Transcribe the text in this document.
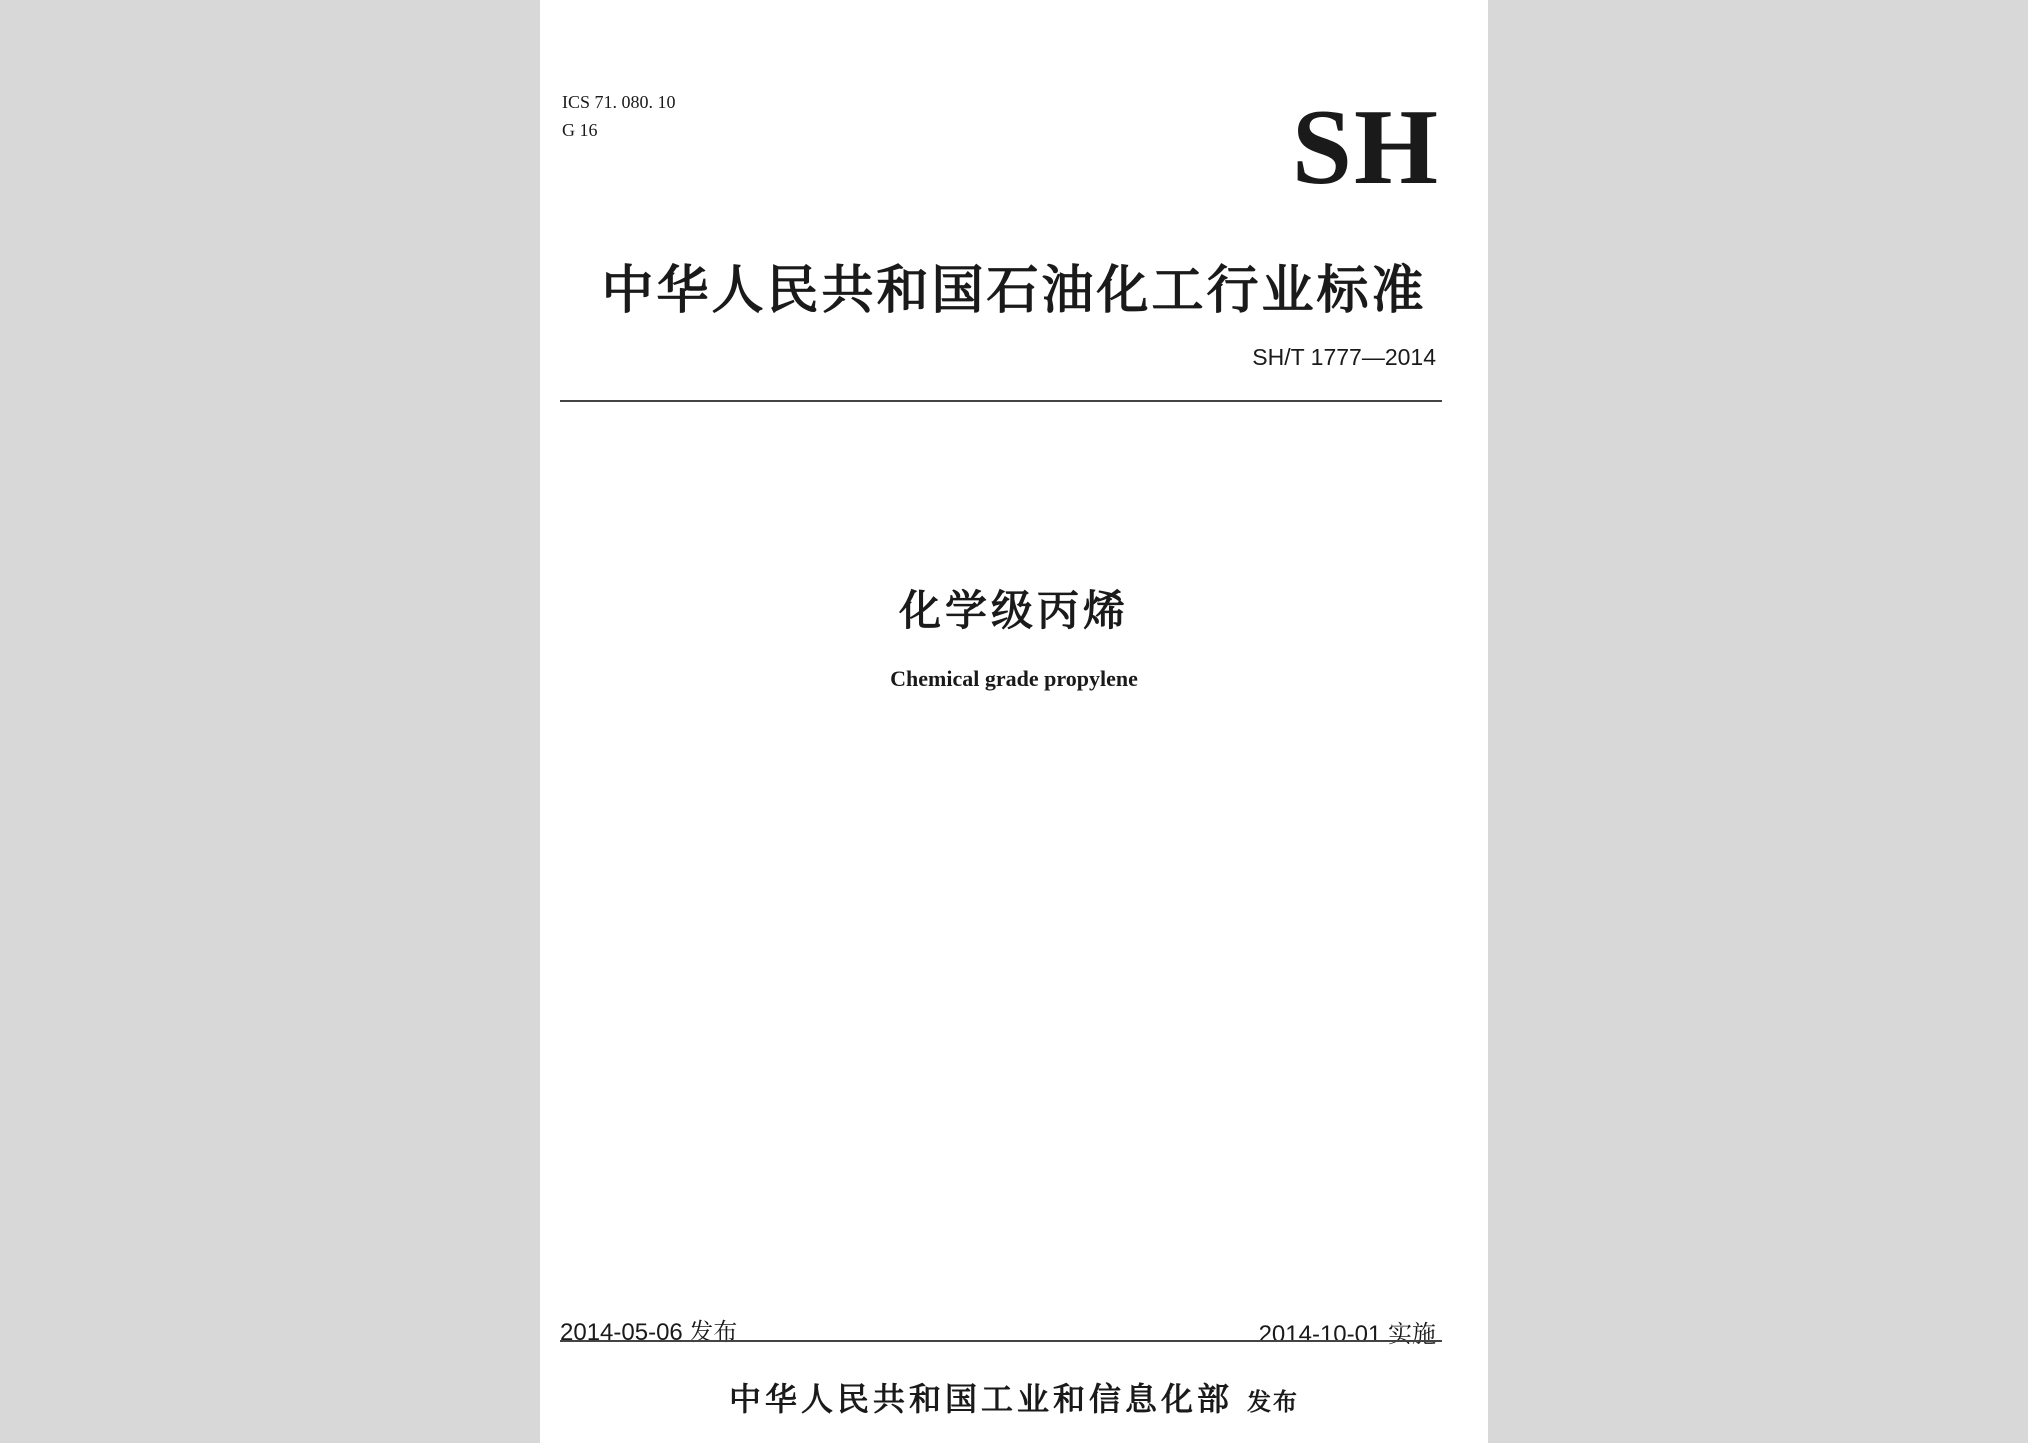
ICS 71. 080. 10
G 16	SH
中华人民共和国石油化工行业标准
SH/T 1777—2014
化学级丙烯
Chemical grade propylene
2014-05-06 发布	2014-10-01 实施
中华人民共和国工业和信息化部 发布
